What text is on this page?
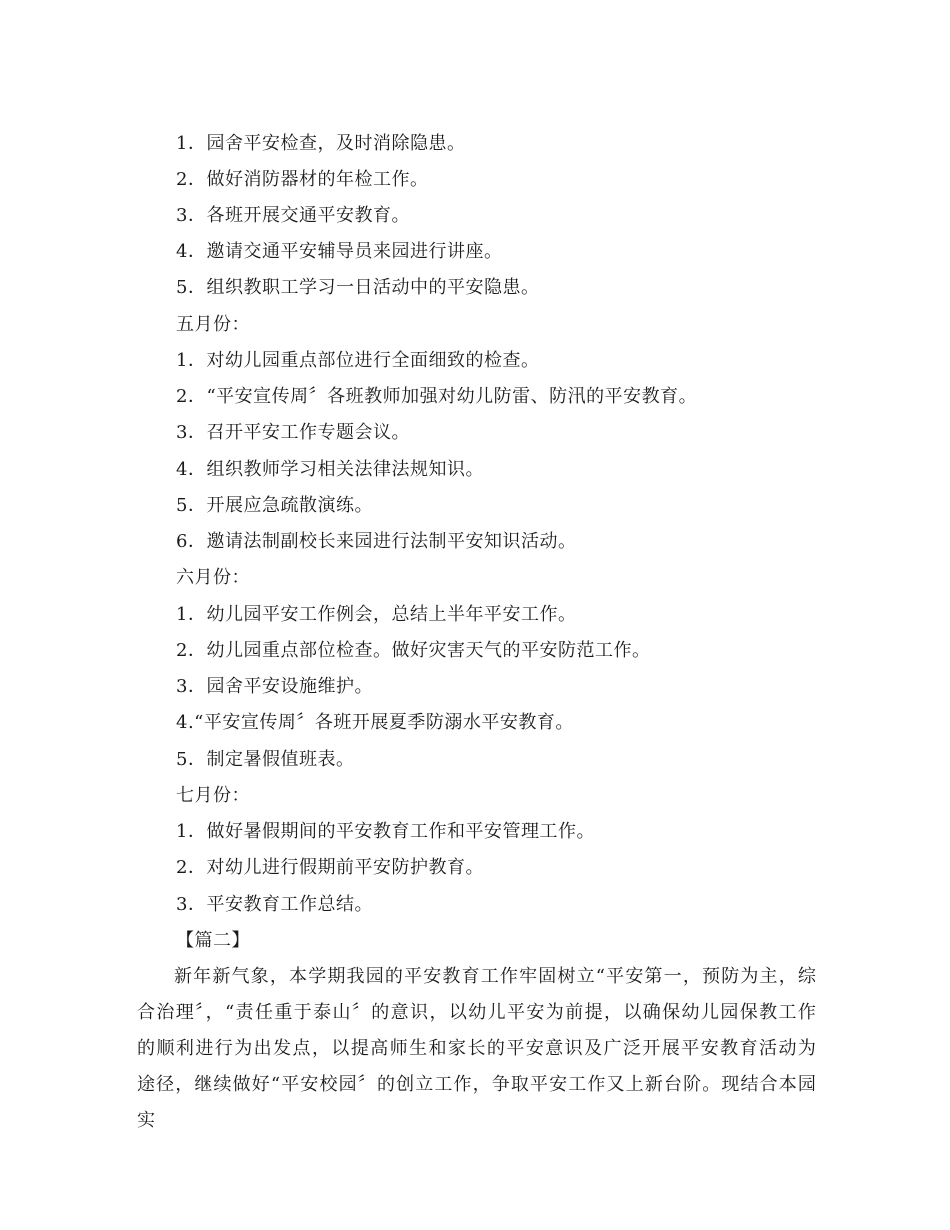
1．园舍平安检查，及时消除隐患。
2．做好消防器材的年检工作。
3．各班开展交通平安教育。
4．邀请交通平安辅导员来园进行讲座。
5．组织教职工学习一日活动中的平安隐患。
五月份：
1．对幼儿园重点部位进行全面细致的检查。
2．“平安宣传周〞各班教师加强对幼儿防雷、防汛的平安教育。
3．召开平安工作专题会议。
4．组织教师学习相关法律法规知识。
5．开展应急疏散演练。
6．邀请法制副校长来园进行法制平安知识活动。
六月份：
1．幼儿园平安工作例会，总结上半年平安工作。
2．幼儿园重点部位检查。做好灾害天气的平安防范工作。
3．园舍平安设施维护。
4.“平安宣传周〞各班开展夏季防溺水平安教育。
5．制定暑假值班表。
七月份：
1．做好暑假期间的平安教育工作和平安管理工作。
2．对幼儿进行假期前平安防护教育。
3．平安教育工作总结。
【篇二】
新年新气象，本学期我园的平安教育工作牢固树立“平安第一，预防为主，综合治理〞，“责任重于泰山〞的意识，以幼儿平安为前提，以确保幼儿园保教工作的顺利进行为出发点，以提高师生和家长的平安意识及广泛开展平安教育活动为途径，继续做好“平安校园〞的创立工作，争取平安工作又上新台阶。现结合本园实
